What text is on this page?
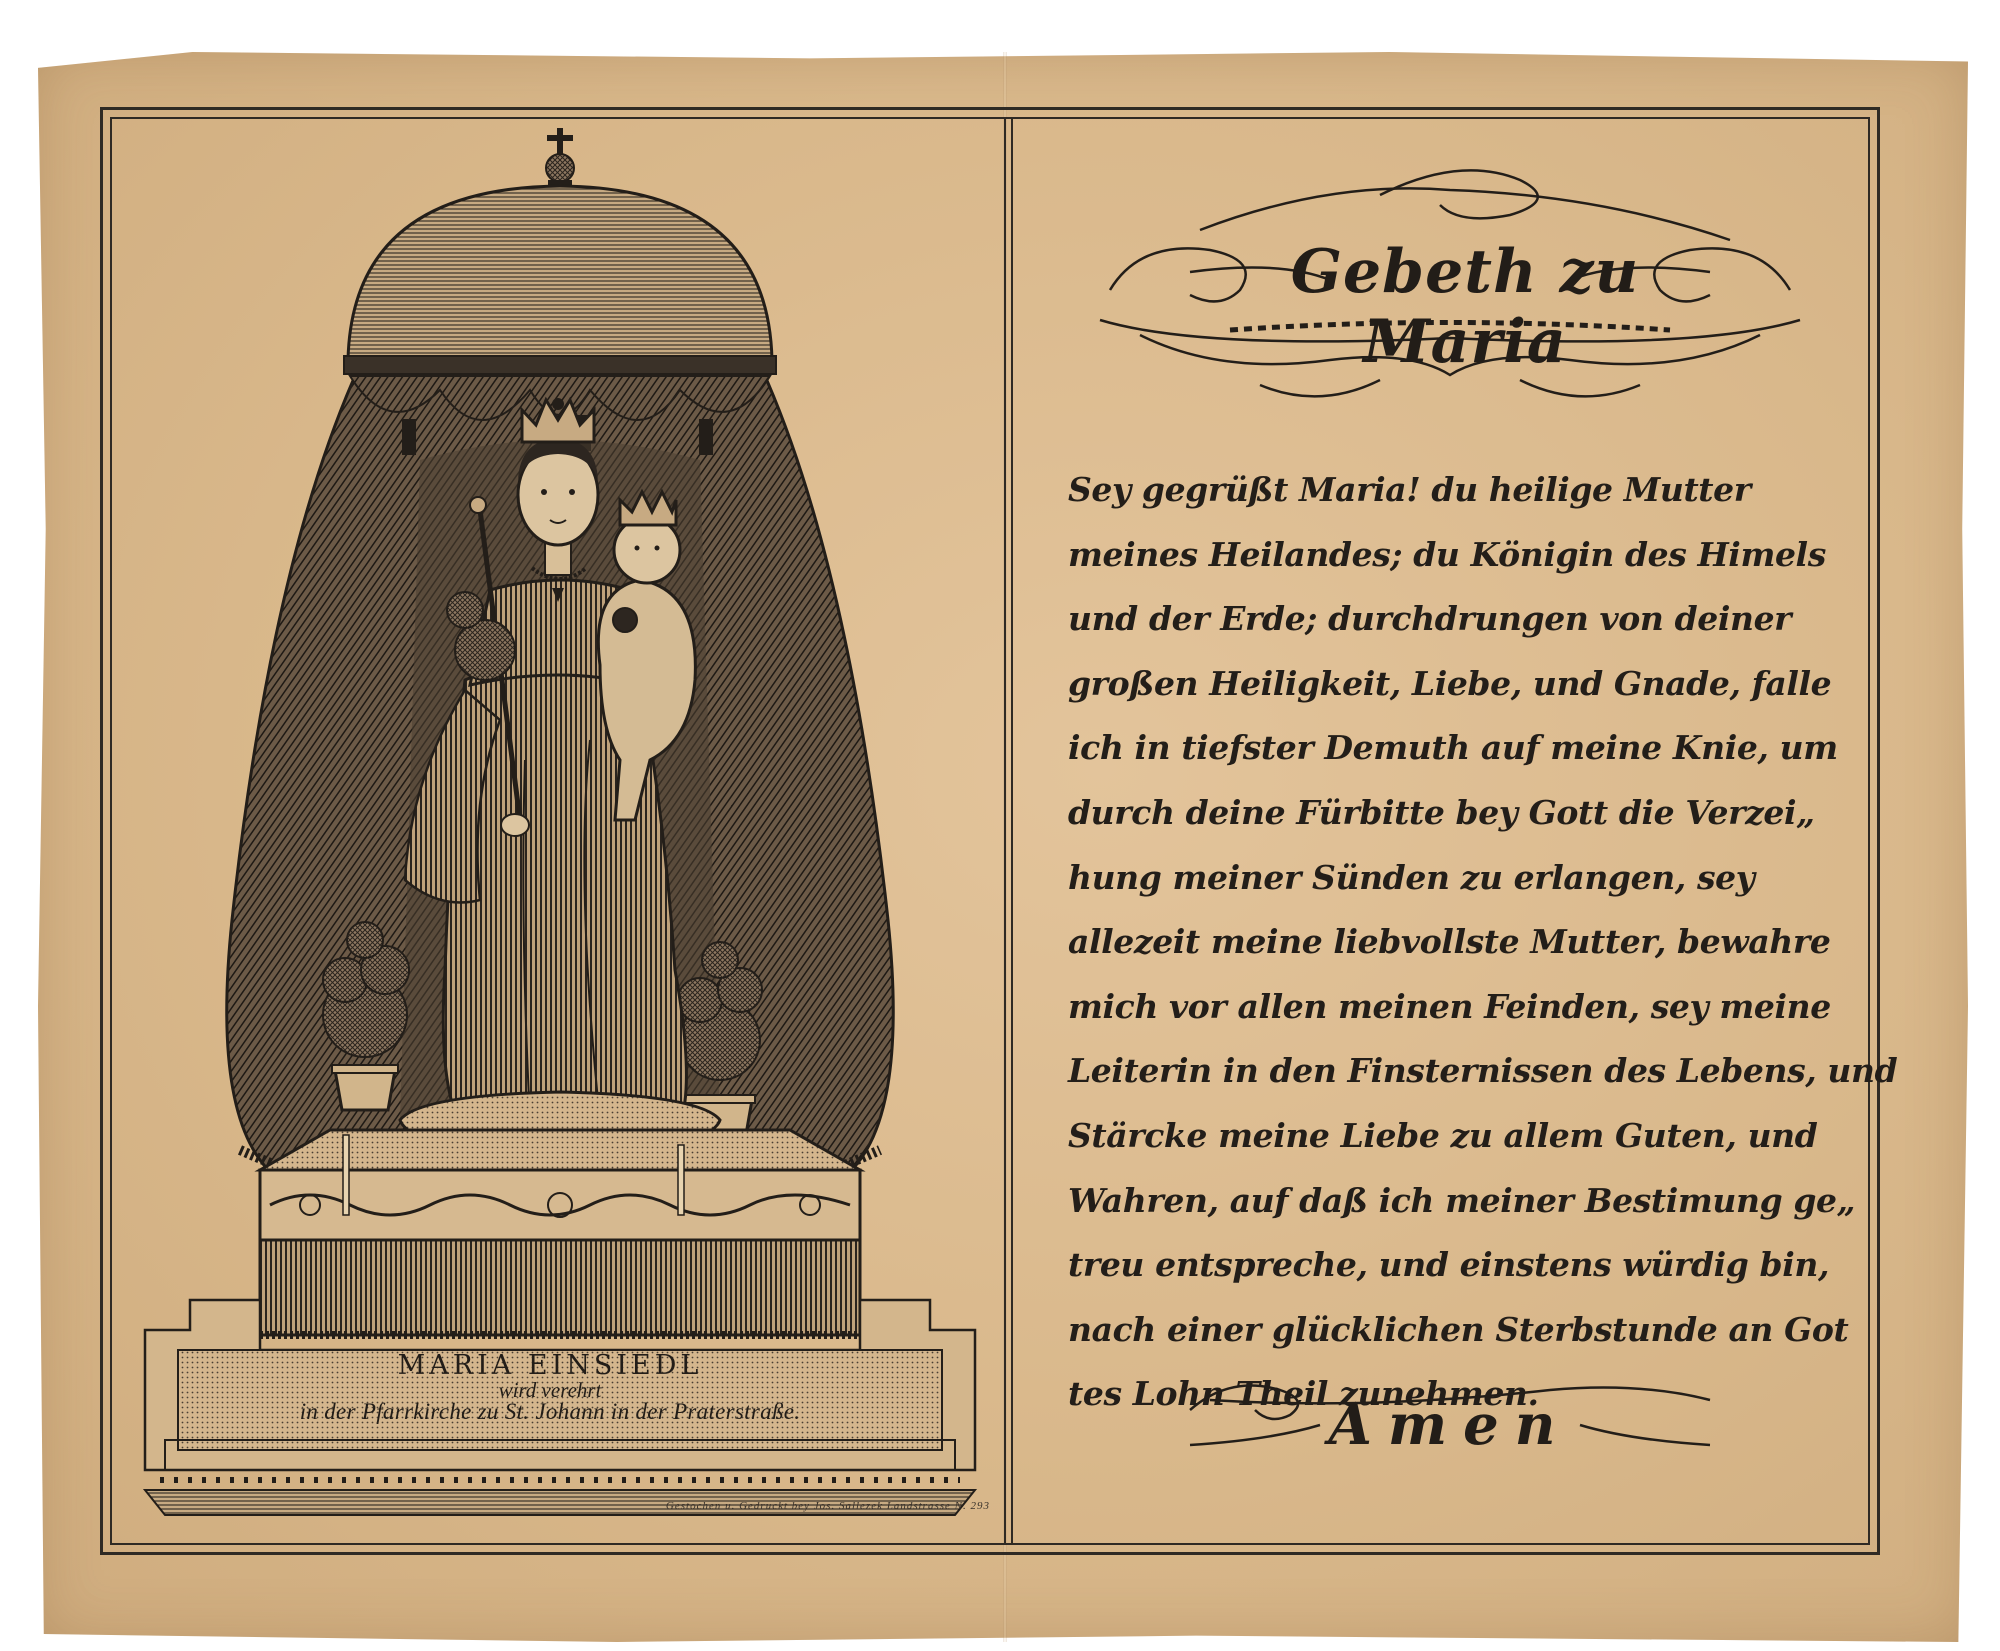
MARIA EINSIEDL
wird verehrt
in der Pfarrkirche zu St. Johann in der Praterstraße.
Gestochen u. Gedruckt bey Jos. Sallezek Landstrasse N. 293
Gebeth zu Maria
Sey gegrüßt Maria! du heilige Mutter
meines Heilandes; du Königin des Himels
und der Erde; durchdrungen von deiner
großen Heiligkeit, Liebe, und Gnade, falle
ich in tiefster Demuth auf meine Knie, um
durch deine Fürbitte bey Gott die Verzei„
hung meiner Sünden zu erlangen, sey
allezeit meine liebvollste Mutter, bewahre
mich vor allen meinen Feinden, sey meine
Leiterin in den Finsternissen des Lebens, und
Stärcke meine Liebe zu allem Guten, und
Wahren, auf daß ich meiner Bestimung ge„
treu entspreche, und einstens würdig bin,
nach einer glücklichen Sterbstunde an Got
tes Lohn Theil zunehmen.
Amen
